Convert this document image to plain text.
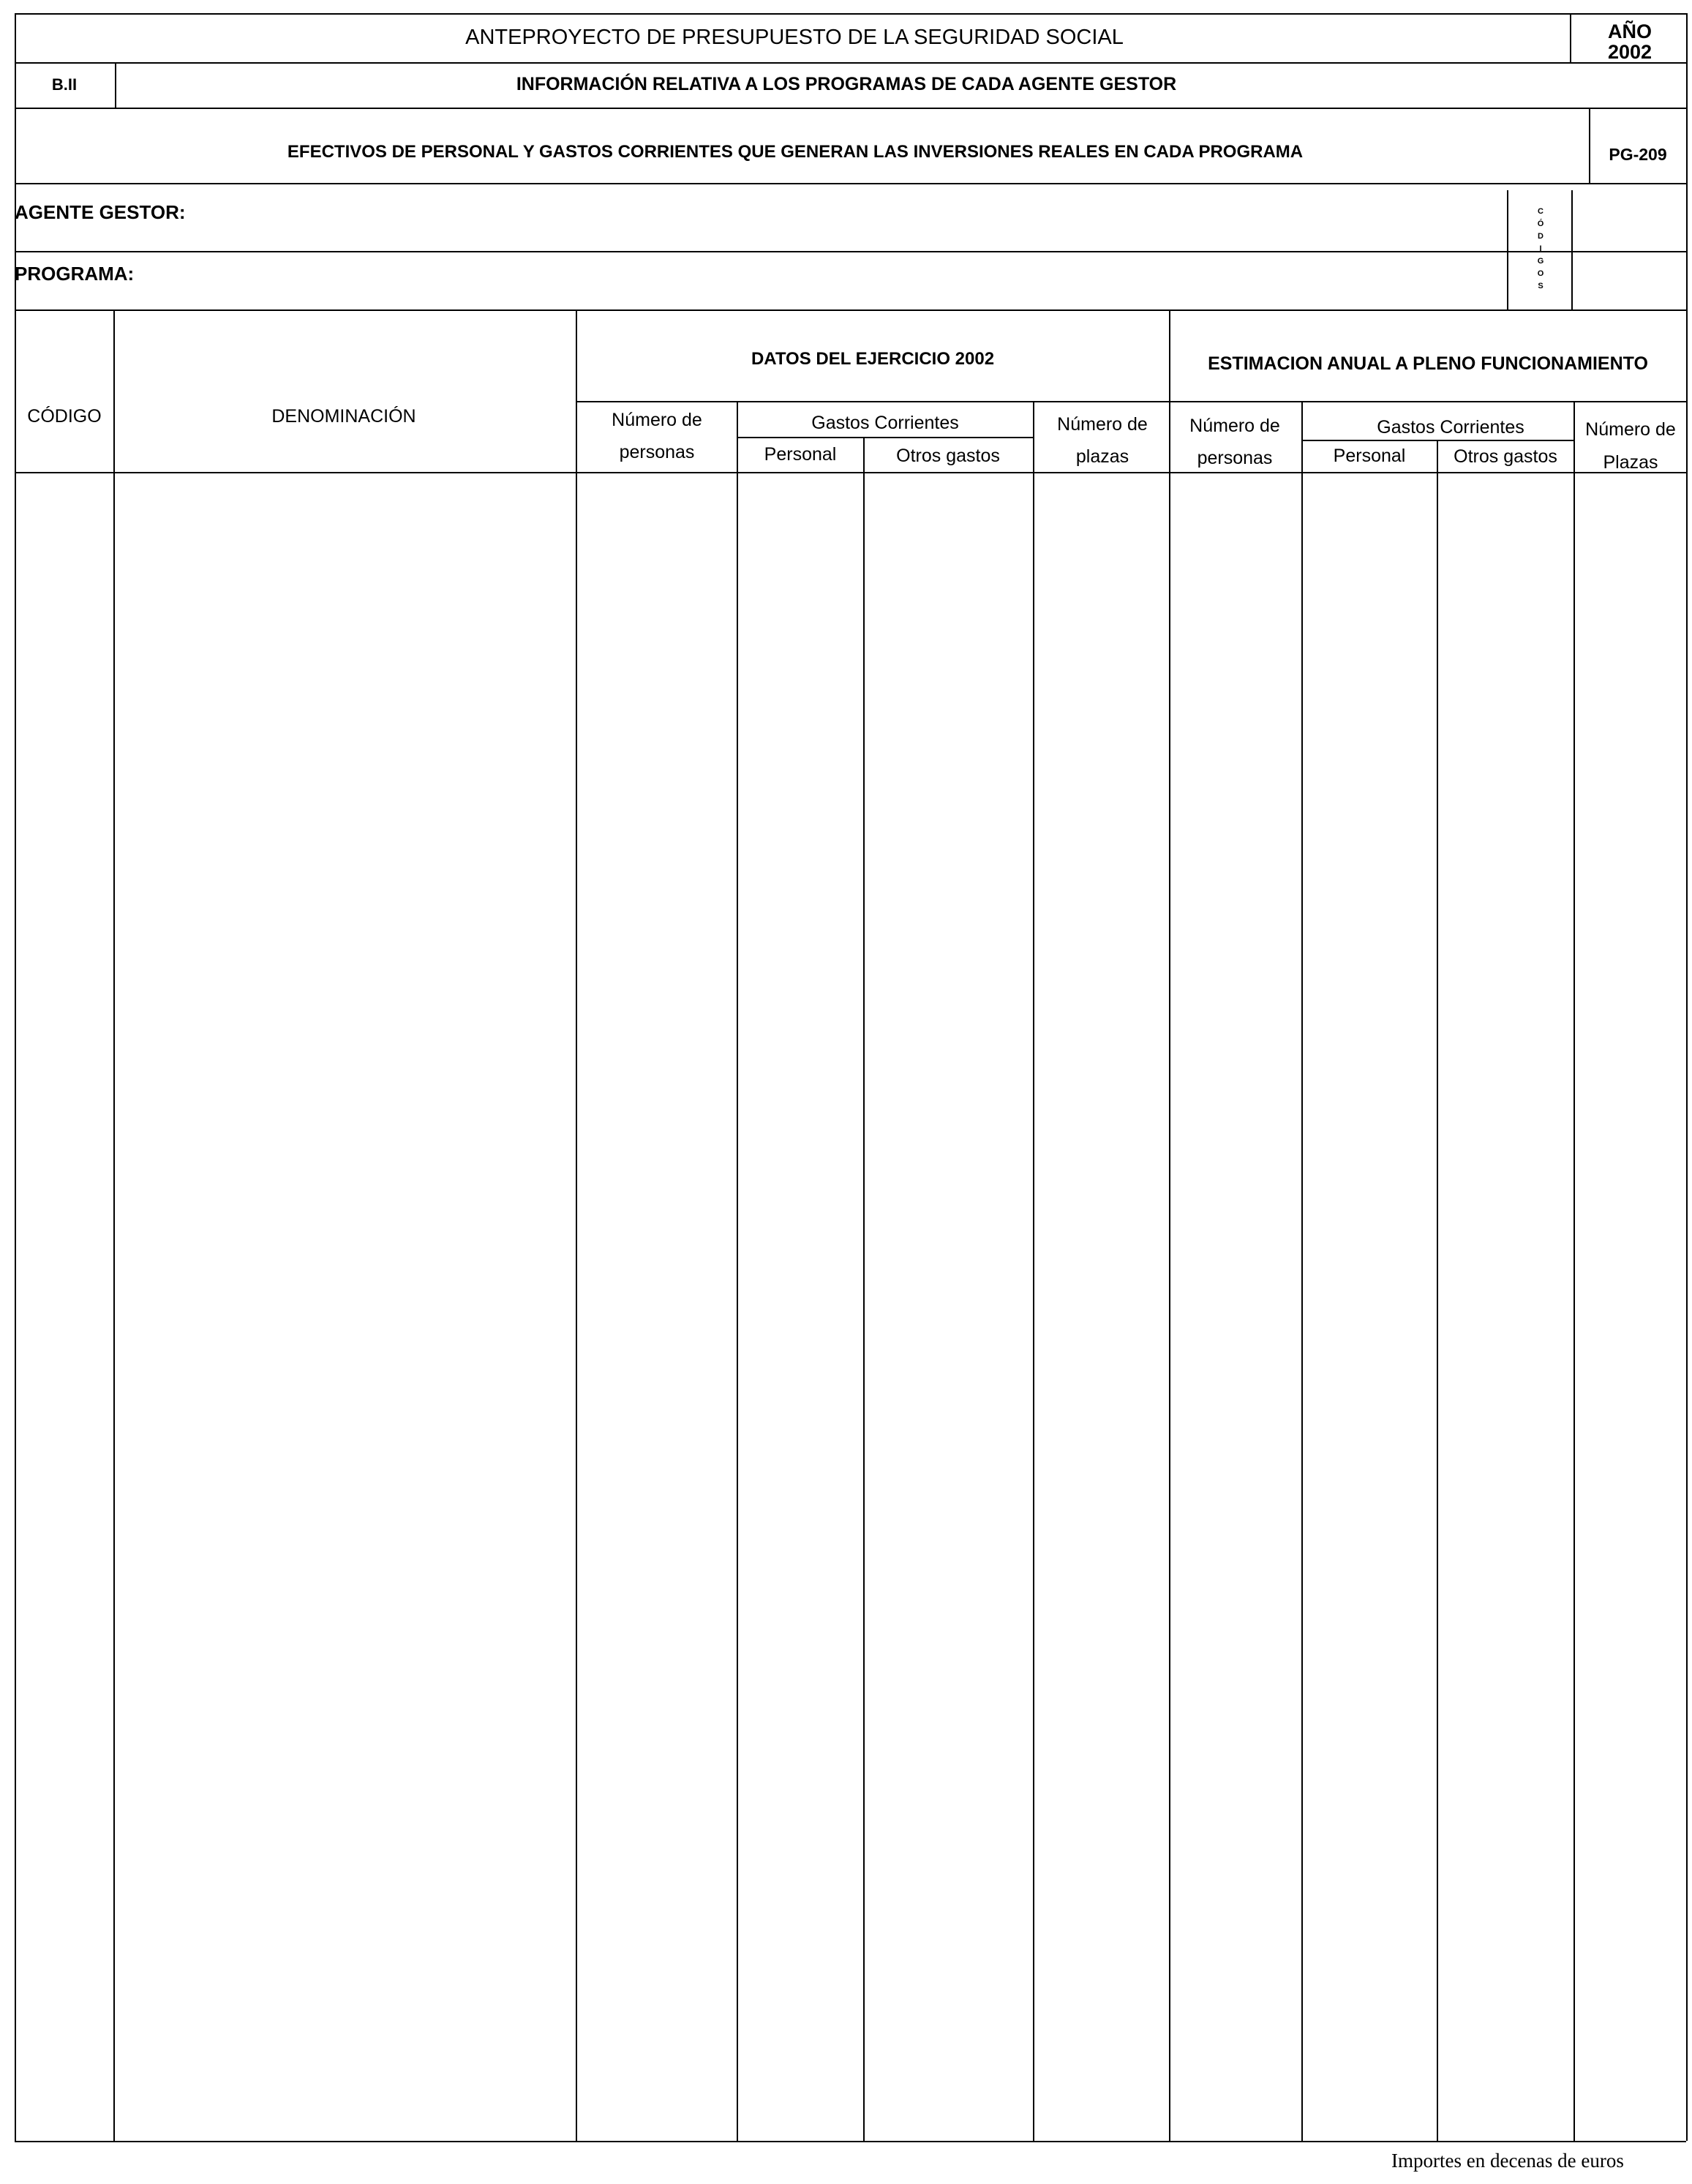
ANTEPROYECTO DE PRESUPUESTO DE LA SEGURIDAD SOCIAL	AÑO
2002
B.II	INFORMACIÓN RELATIVA A LOS PROGRAMAS DE CADA AGENTE GESTOR
EFECTIVOS DE PERSONAL Y GASTOS CORRIENTES QUE GENERAN LAS INVERSIONES REALES EN CADA PROGRAMA	PG-209
AGENTE GESTOR:
PROGRAMA:
C
Ó
D
I
G
O
S
CÓDIGO	DENOMINACIÓN
DATOS DEL EJERCICIO 2002	ESTIMACION ANUAL A PLENO FUNCIONAMIENTO
Número de
personas
Gastos Corrientes
Personal	Otros gastos
Número de
plazas
Número de
personas
Gastos Corrientes
Personal	Otros gastos
Número de
Plazas
Importes en decenas de euros
